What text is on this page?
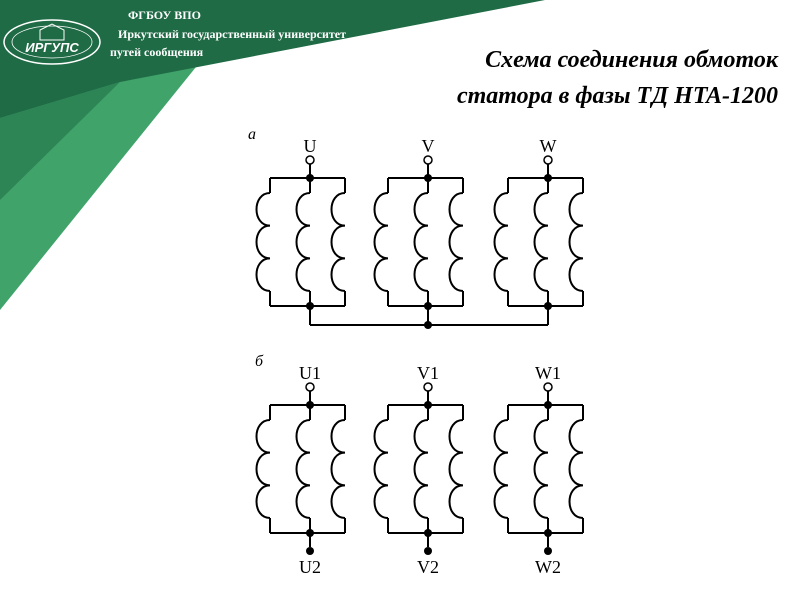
ИРГУПС
ФГБОУ ВПО
Иркутский государственный университет
путей сообщения	Схема соединения обмоток
статора в фазы ТД НТА-1200
а
б
U	V	W
U1
U2
V1
V2
W1
W2
